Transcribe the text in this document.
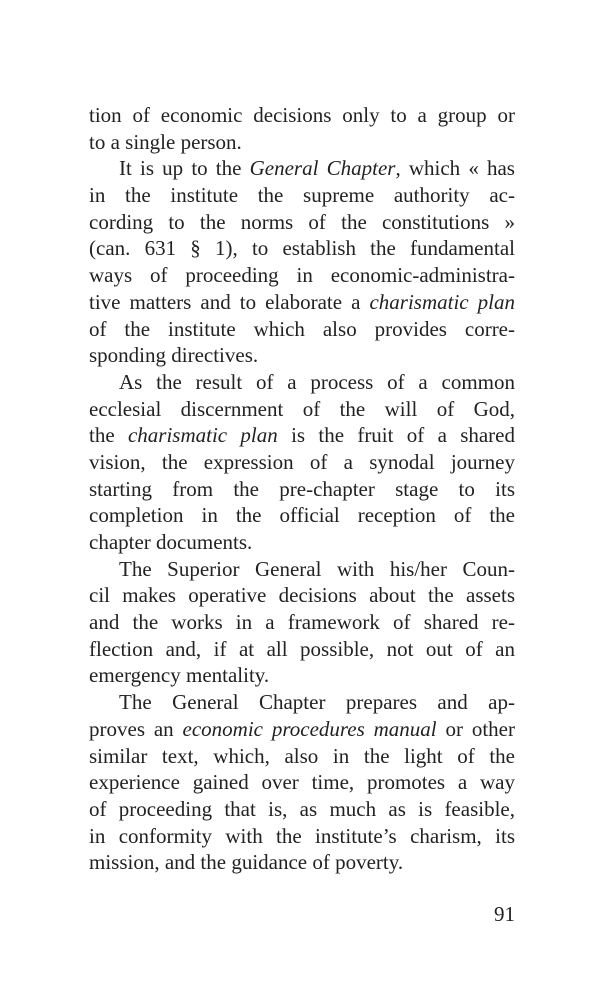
tion of economic decisions only to a group or
to a single person.
It is up to the General Chapter, which « has
in the institute the supreme authority ac-
cording to the norms of the constitutions »
(can. 631 § 1), to establish the fundamental
ways of proceeding in economic-administra-
tive matters and to elaborate a charismatic plan
of the institute which also provides corre-
sponding directives.
As the result of a process of a common
ecclesial discernment of the will of God,
the charismatic plan is the fruit of a shared
vision, the expression of a synodal journey
starting from the pre-chapter stage to its
completion in the official reception of the
chapter documents.
The Superior General with his/her Coun-
cil makes operative decisions about the assets
and the works in a framework of shared re-
flection and, if at all possible, not out of an
emergency mentality.
The General Chapter prepares and ap-
proves an economic procedures manual or other
similar text, which, also in the light of the
experience gained over time, promotes a way
of proceeding that is, as much as is feasible,
in conformity with the institute’s charism, its
mission, and the guidance of poverty.
91
